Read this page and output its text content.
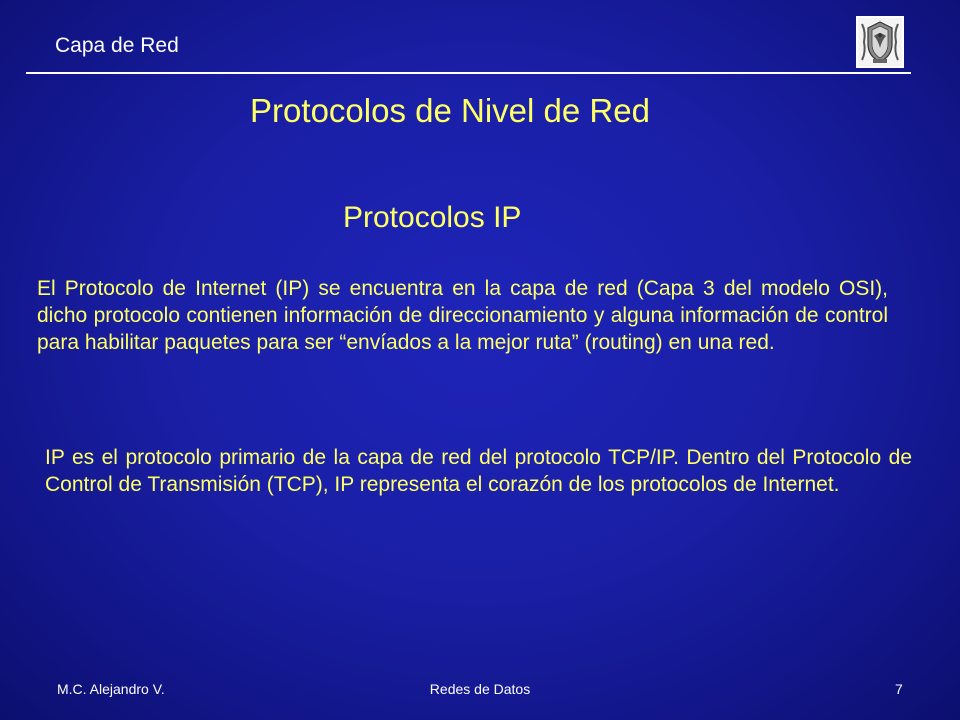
Capa de Red
Protocolos de Nivel de Red
Protocolos IP

El Protocolo de Internet (IP) se encuentra en la capa de red (Capa 3 del modelo OSI), dicho protocolo contienen información de direccionamiento y alguna información de control para habilitar paquetes para ser “envíados a la mejor ruta” (routing) en una red.

IP es el protocolo primario de la capa de red del protocolo TCP/IP. Dentro del Protocolo de Control de Transmisión (TCP), IP representa el corazón de los protocolos de Internet.

M.C. Alejandro V.	Redes de Datos	7
